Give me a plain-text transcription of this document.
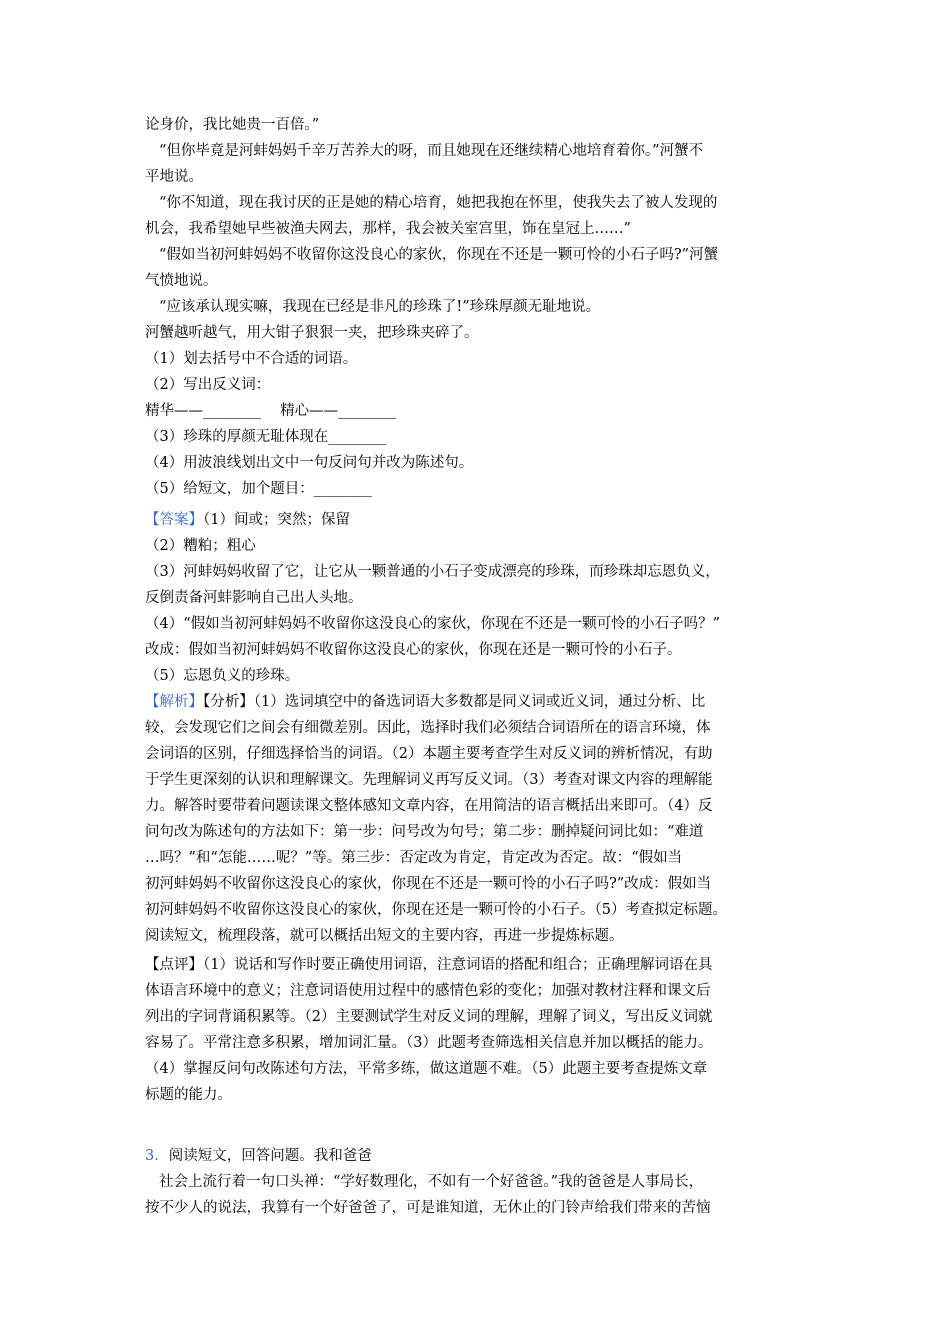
论身价，我比她贵一百倍。”
“但你毕竟是河蚌妈妈千辛万苦养大的呀，而且她现在还继续精心地培育着你。”河蟹不
平地说。
“你不知道，现在我讨厌的正是她的精心培育，她把我抱在怀里，使我失去了被人发现的
机会，我希望她早些被渔夫网去，那样，我会被关室宫里，饰在皇冠上……”
“假如当初河蚌妈妈不收留你这没良心的家伙，你现在不还是一颗可怜的小石子吗?”河蟹
气愤地说。
“应该承认现实嘛，我现在已经是非凡的珍珠了!”珍珠厚颜无耻地说。
河蟹越听越气，用大钳子狠狠一夹，把珍珠夹碎了。
（1）划去括号中不合适的词语。
（2）写出反义词：
精华——________　 精心——________
（3）珍珠的厚颜无耻体现在________
（4）用波浪线划出文中一句反问句并改为陈述句。
（5）给短文，加个题目：________
【答案】（1）间或；突然；保留
（2）糟粕；粗心
（3）河蚌妈妈收留了它，让它从一颗普通的小石子变成漂亮的珍珠，而珍珠却忘恩负义，
反倒责备河蚌影响自己出人头地。
（4）“假如当初河蚌妈妈不收留你这没良心的家伙，你现在不还是一颗可怜的小石子吗？”
改成：假如当初河蚌妈妈不收留你这没良心的家伙，你现在还是一颗可怜的小石子。
（5）忘恩负义的珍珠。
【解析】【分析】（1）选词填空中的备选词语大多数都是同义词或近义词，通过分析、比
较，会发现它们之间会有细微差别。因此，选择时我们必须结合词语所在的语言环境，体
会词语的区别，仔细选择恰当的词语。（2）本题主要考查学生对反义词的辨析情况，有助
于学生更深刻的认识和理解课文。先理解词义再写反义词。（3）考查对课文内容的理解能
力。解答时要带着问题读课文整体感知文章内容，在用简洁的语言概括出来即可。（4）反
问句改为陈述句的方法如下：第一步：问号改为句号；第二步：删掉疑问词比如：“难道
…吗？”和“怎能……呢？”等。第三步：否定改为肯定，肯定改为否定。故：“假如当
初河蚌妈妈不收留你这没良心的家伙，你现在不还是一颗可怜的小石子吗?”改成：假如当
初河蚌妈妈不收留你这没良心的家伙，你现在还是一颗可怜的小石子。（5）考查拟定标题。
阅读短文，梳理段落，就可以概括出短文的主要内容，再进一步提炼标题。
【点评】（1）说话和写作时要正确使用词语，注意词语的搭配和组合；正确理解词语在具
体语言环境中的意义；注意词语使用过程中的感情色彩的变化；加强对教材注释和课文后
列出的字词背诵积累等。（2）主要测试学生对反义词的理解，理解了词义，写出反义词就
容易了。平常注意多积累，增加词汇量。（3）此题考查筛选相关信息并加以概括的能力。
（4）掌握反问句改陈述句方法，平常多练，做这道题不难。（5）此题主要考查提炼文章
标题的能力。
3．阅读短文，回答问题。我和爸爸
社会上流行着一句口头禅：“学好数理化，不如有一个好爸爸。”我的爸爸是人事局长，
按不少人的说法，我算有一个好爸爸了，可是谁知道，无休止的门铃声给我们带来的苦恼
